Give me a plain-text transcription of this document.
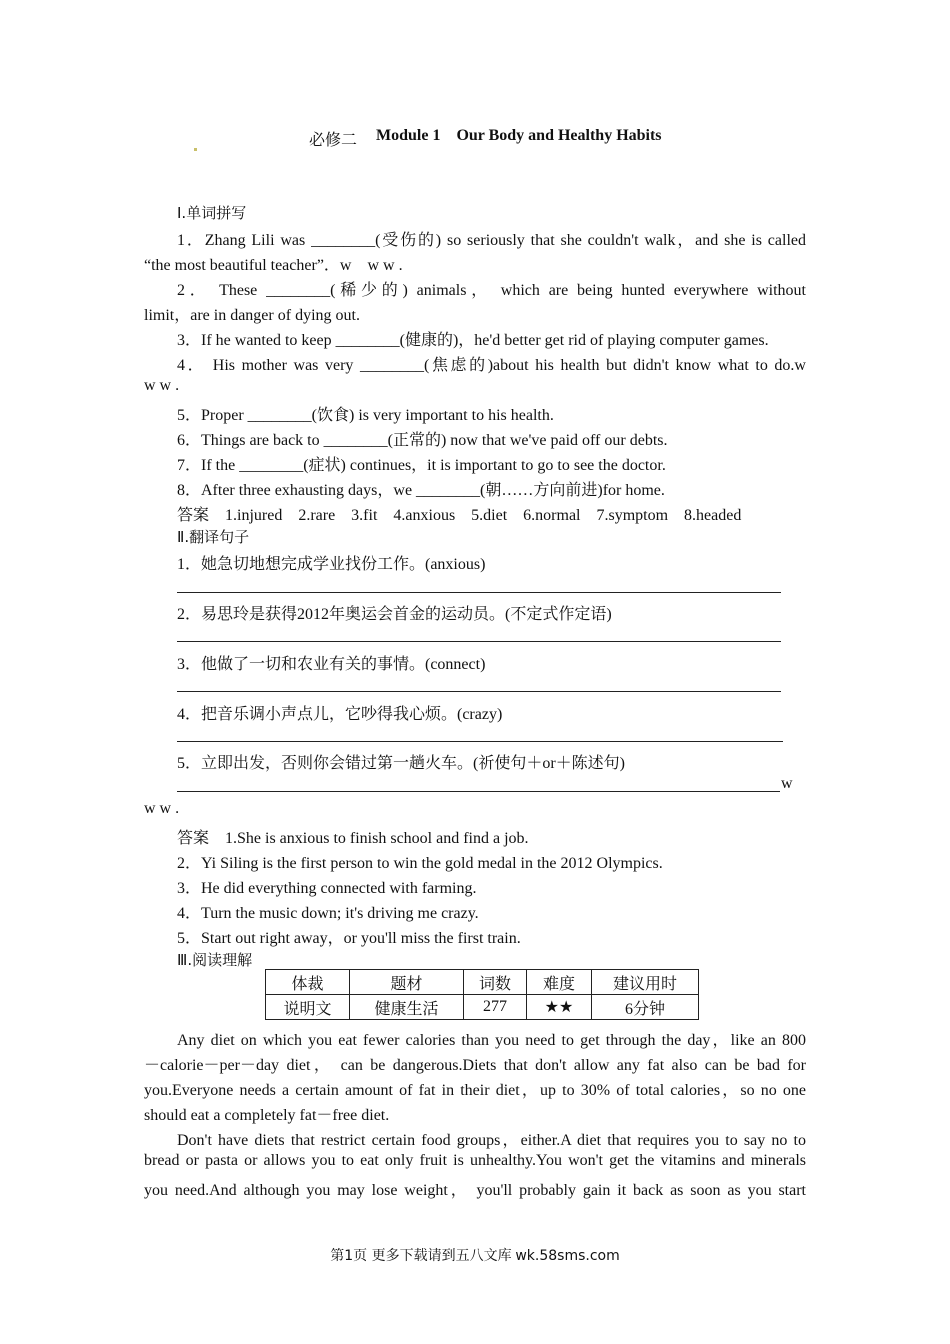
必修二 Module 1    Our Body and Healthy Habits
Ⅰ.单词拼写
1．Zhang Lili was ________(受伤的) so seriously that she couldn't walk，and she is called
“the most beautiful teacher”．w    w w .
2． These ________(稀少的) animals， which are being hunted everywhere without
limit，are in danger of dying out.
3．If he wanted to keep ________(健康的)，he'd better get rid of playing computer games.
4． His mother was very ________(焦虑的)about his health but didn't know what to do.w
w w .
5．Proper ________(饮食) is very important to his health.
6．Things are back to ________(正常的) now that we've paid off our debts.
7．If the ________(症状) continues，it is important to go to see the doctor.
8．After three exhausting days，we ________(朝……方向前进)for home.
答案　1.injured　2.rare　3.fit　4.anxious　5.diet　6.normal　7.symptom　8.headed
Ⅱ.翻译句子
1．她急切地想完成学业找份工作。(anxious)
2．易思玲是获得2012年奥运会首金的运动员。(不定式作定语)
3．他做了一切和农业有关的事情。(connect)
4．把音乐调小声点儿，它吵得我心烦。(crazy)
5．立即出发，否则你会错过第一趟火车。(祈使句＋or＋陈述句)
w
w w .
答案　1.She is anxious to finish school and find a job.
2．Yi Siling is the first person to win the gold medal in the 2012 Olympics.
3．He did everything connected with farming.
4．Turn the music down; it's driving me crazy.
5．Start out right away，or you'll miss the first train.
Ⅲ.阅读理解
体裁	题材	词数	难度	建议用时
说明文	健康生活	277	★★	6分钟
Any diet on which you eat fewer calories than you need to get through the day，like an 800
－calorie－per－day diet， can be dangerous.Diets that don't allow any fat also can be bad for
you.Everyone needs a certain amount of fat in their diet，up to 30% of total calories，so no one
should eat a completely fat－free diet.
Don't have diets that restrict certain food groups，either.A diet that requires you to say no to
bread or pasta or allows you to eat only fruit is unhealthy.You won't get the vitamins and minerals
you need.And although you may lose weight， you'll probably gain it back as soon as you start
第1页 更多下载请到五八文库 wk.58sms.com
